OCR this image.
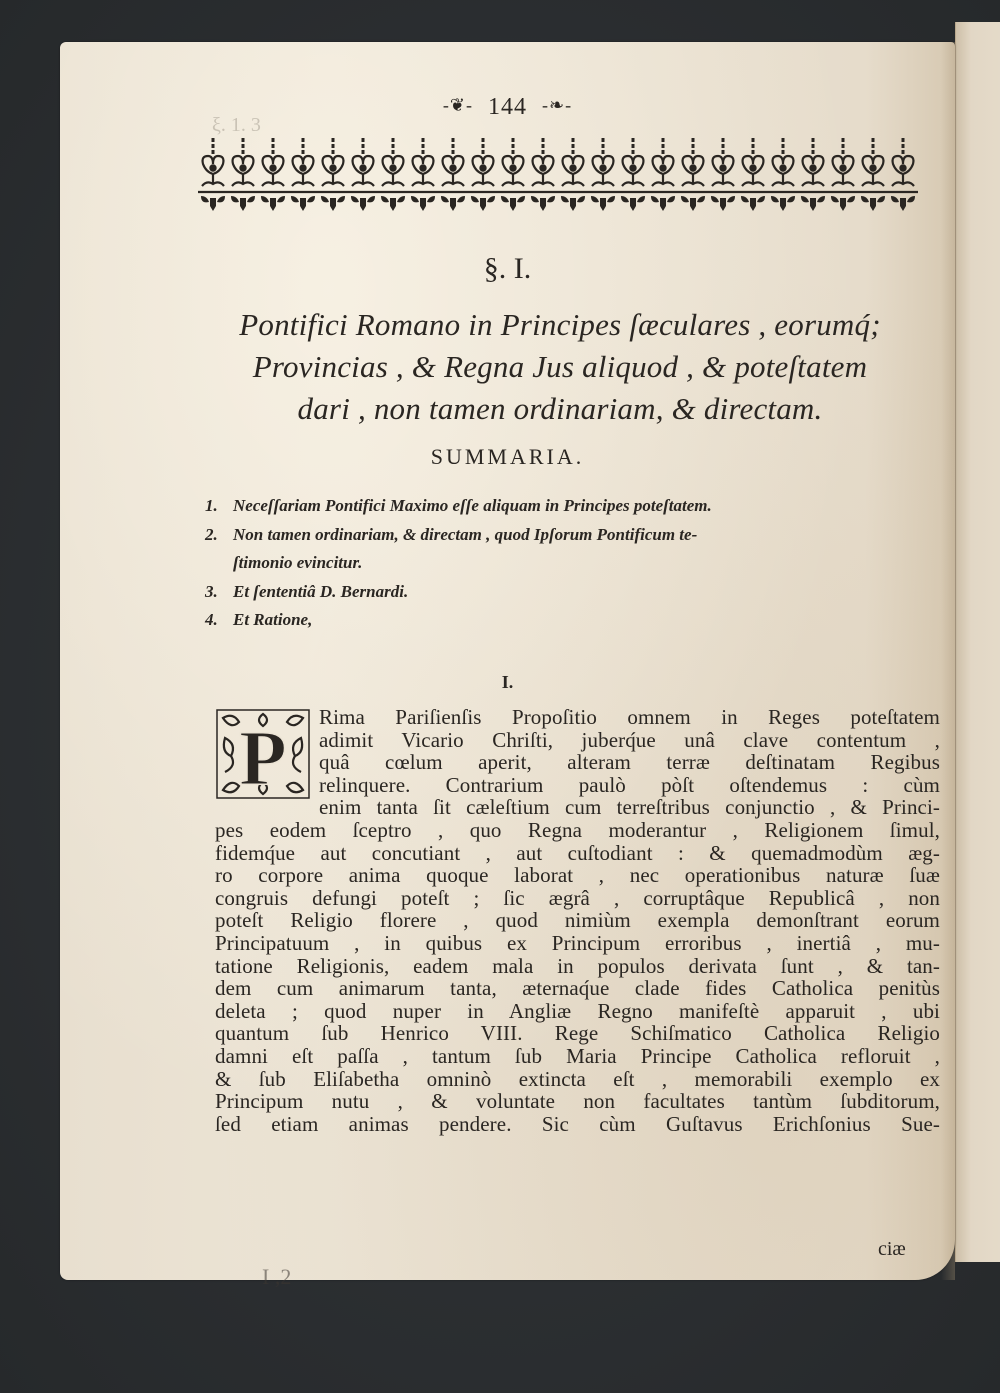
ξ. 1. 3
-❦- 144 -❧-
§. I.
Pontifici Romano in Principes ſæculares , eorumq́;
Provincias , & Regna Jus aliquod , & poteſtatem
dari , non tamen ordinariam, & directam.
SUMMARIA.
1. Neceſſariam Pontifici Maximo eſſe aliquam in Principes poteſtatem.
2. Non tamen ordinariam, & directam , quod Ipſorum Pontificum te-
ſtimonio evincitur.
3. Et ſententiâ D. Bernardi.
4. Et Ratione,
I.
P Rima Pariſienſis Propoſitio omnem in Reges poteſtatem
adimit Vicario Chriſti, juberq́ue unâ clave contentum ,
quâ cœlum aperit, alteram terræ deſtinatam Regibus
relinquere. Contrarium paulò pòſt oſtendemus : cùm
enim tanta ſit cæleſtium cum terreſtribus conjunctio , & Princi-
pes eodem ſceptro , quo Regna moderantur , Religionem ſimul,
fidemq́ue aut concutiant , aut cuſtodiant : & quemadmodùm æg-
ro corpore anima quoque laborat , nec operationibus naturæ ſuæ
congruis defungi poteſt ; ſic ægrâ , corruptâque Republicâ , non
poteſt Religio florere , quod nimiùm exempla demonſtrant eorum
Principatuum , in quibus ex Principum erroribus , inertiâ , mu-
tatione Religionis, eadem mala in populos derivata ſunt , & tan-
dem cum animarum tanta, æternaq́ue clade fides Catholica penitùs
deleta ; quod nuper in Angliæ Regno manifeſtè apparuit , ubi
quantum ſub Henrico VIII. Rege Schiſmatico Catholica Religio
damni eſt paſſa , tantum ſub Maria Principe Catholica refloruit ,
& ſub Eliſabetha omninò extincta eſt , memorabili exemplo ex
Principum nutu , & voluntate non facultates tantùm ſubditorum,
ſed etiam animas pendere. Sic cùm Guſtavus Erichſonius Sue-
ciæ
I ,2
